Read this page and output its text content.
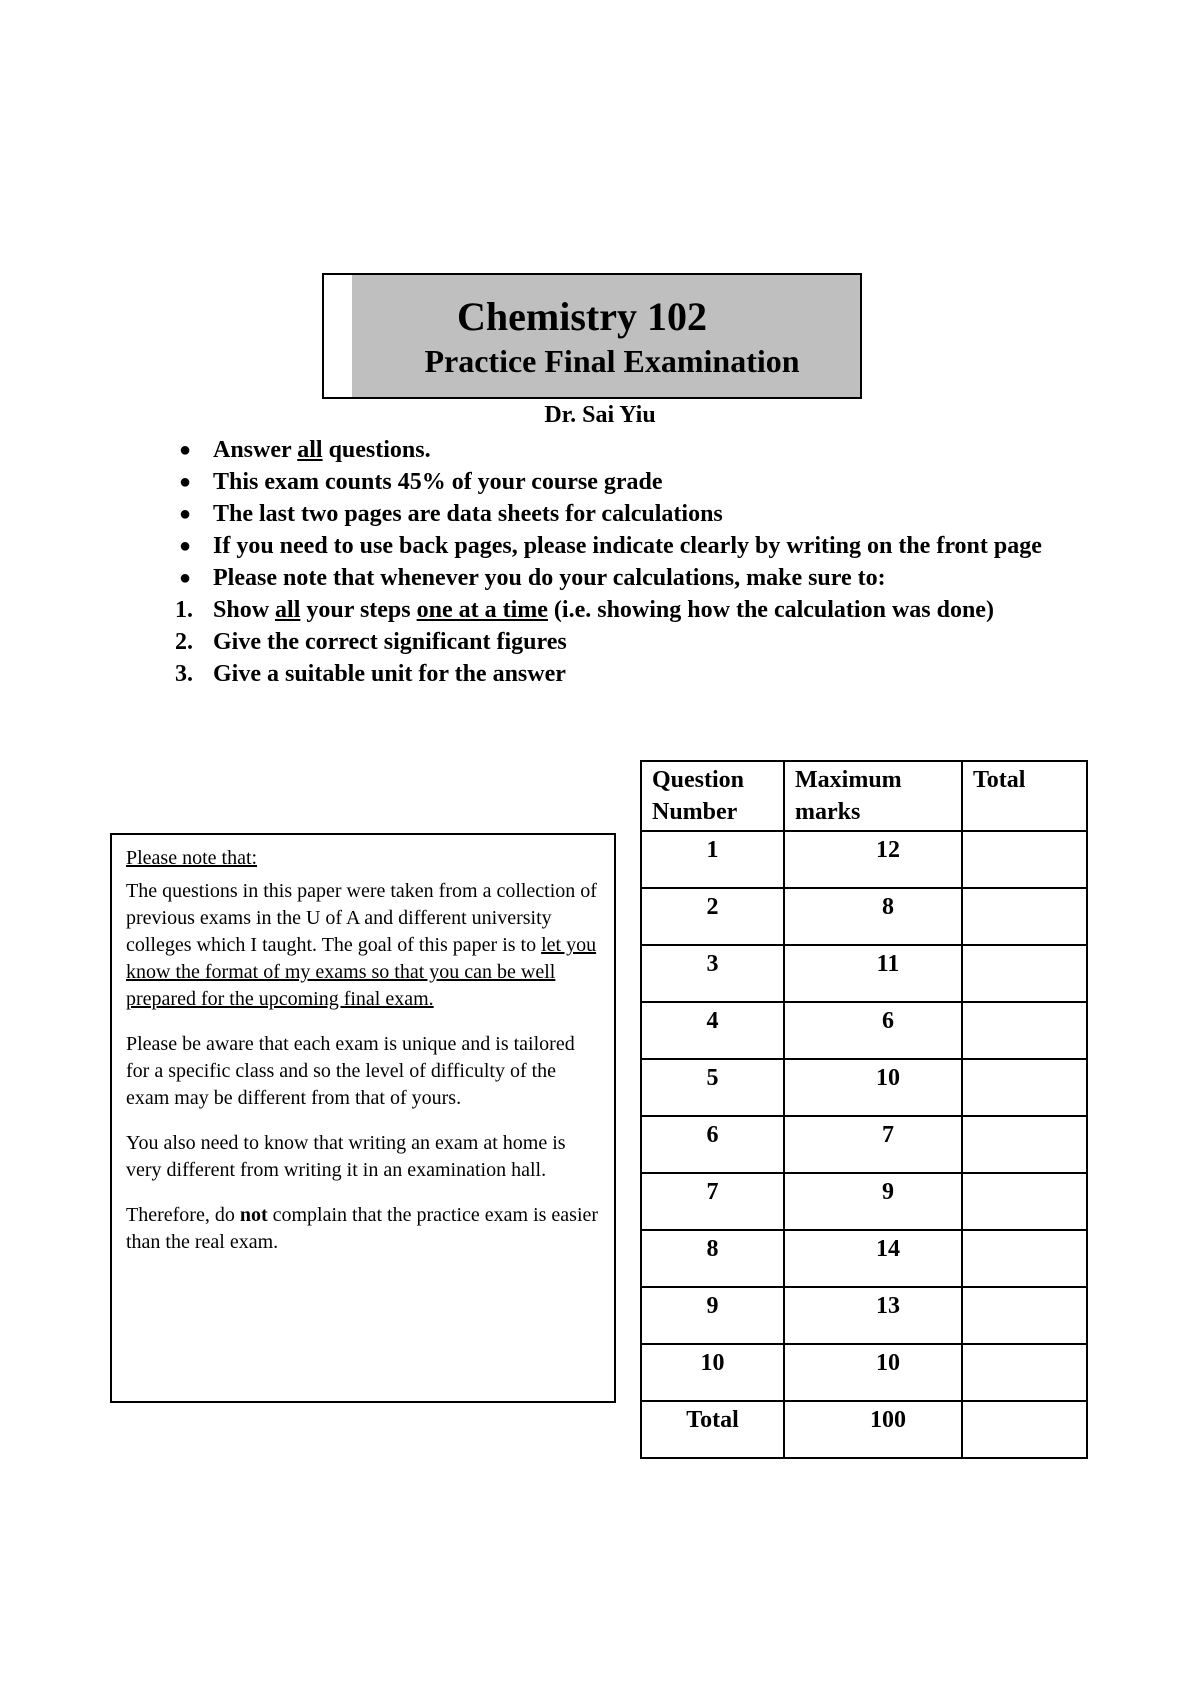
Chemistry 102
Practice Final Examination
Dr. Sai Yiu
● Answer all questions.
● This exam counts 45% of your course grade
● The last two pages are data sheets for calculations
● If you need to use back pages, please indicate clearly by writing on the front page
● Please note that whenever you do your calculations, make sure to:
1. Show all your steps one at a time (i.e. showing how the calculation was done)
2. Give the correct significant figures
3. Give a suitable unit for the answer

Please note that:

The questions in this paper were taken from a collection of previous exams in the U of A and different university colleges which I taught. The goal of this paper is to let you know the format of my exams so that you can be well prepared for the upcoming final exam.

Please be aware that each exam is unique and is tailored for a specific class and so the level of difficulty of the exam may be different from that of yours.

You also need to know that writing an exam at home is very different from writing it in an examination hall.

Therefore, do not complain that the practice exam is easier than the real exam.

Question Number	Maximum marks	Total
1	12	
2	8	
3	11	
4	6	
5	10	
6	7	
7	9	
8	14	
9	13	
10	10	
Total	100	
